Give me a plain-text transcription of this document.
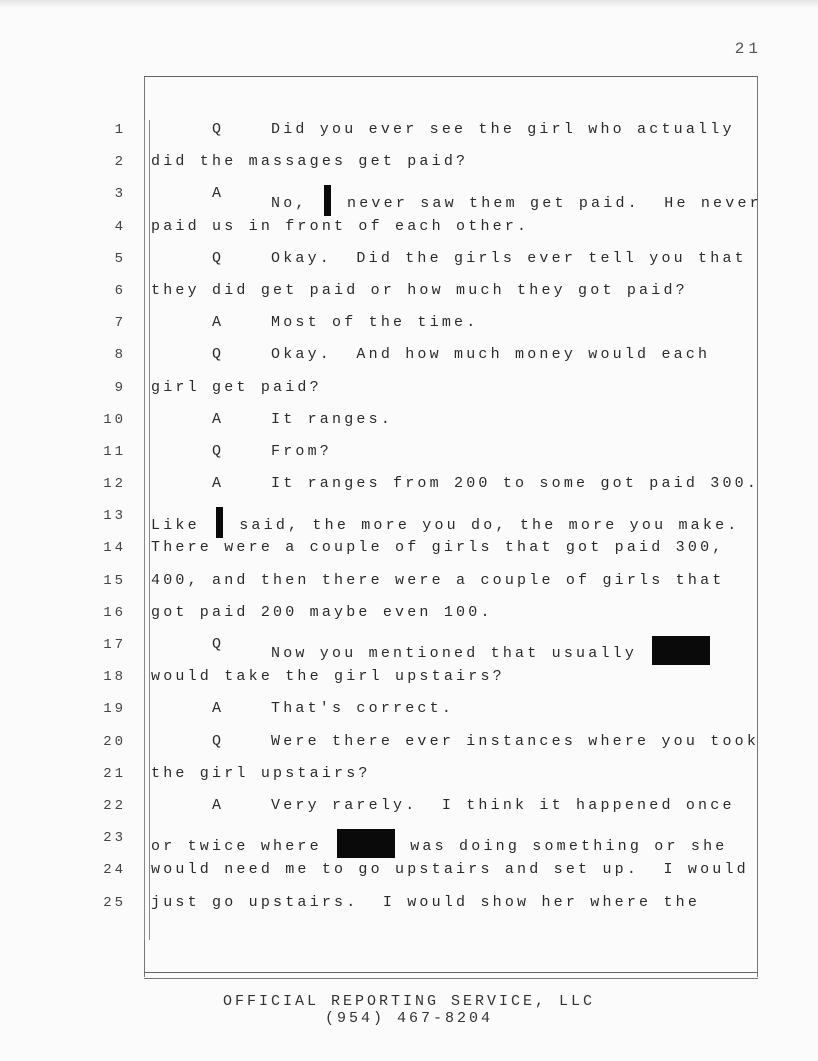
21
1	Q	Did you ever see the girl who actually
2 did the massages get paid?
3	A
No,  never saw them get paid.  He never
4 paid us in front of each other.
5	Q	Okay.  Did the girls ever tell you that
6 they did get paid or how much they got paid?
7	A	Most of the time.
8	Q	Okay.  And how much money would each
9 girl get paid?
10	A	It ranges.
11	Q	From?
12	A	It ranges from 200 to some got paid 300.
13
Like  said, the more you do, the more you make.
14 There were a couple of girls that got paid 300,
15 400, and then there were a couple of girls that
16 got paid 200 maybe even 100.
17	Q
Now you mentioned that usually
18 would take the girl upstairs?
19	A	That's correct.
20	Q	Were there ever instances where you took
21 the girl upstairs?
22	A	Very rarely.  I think it happened once
23 or twice where	was doing something or she
24 would need me to go upstairs and set up.  I would
25 just go upstairs.  I would show her where the
OFFICIAL REPORTING SERVICE, LLC
(954) 467-8204
